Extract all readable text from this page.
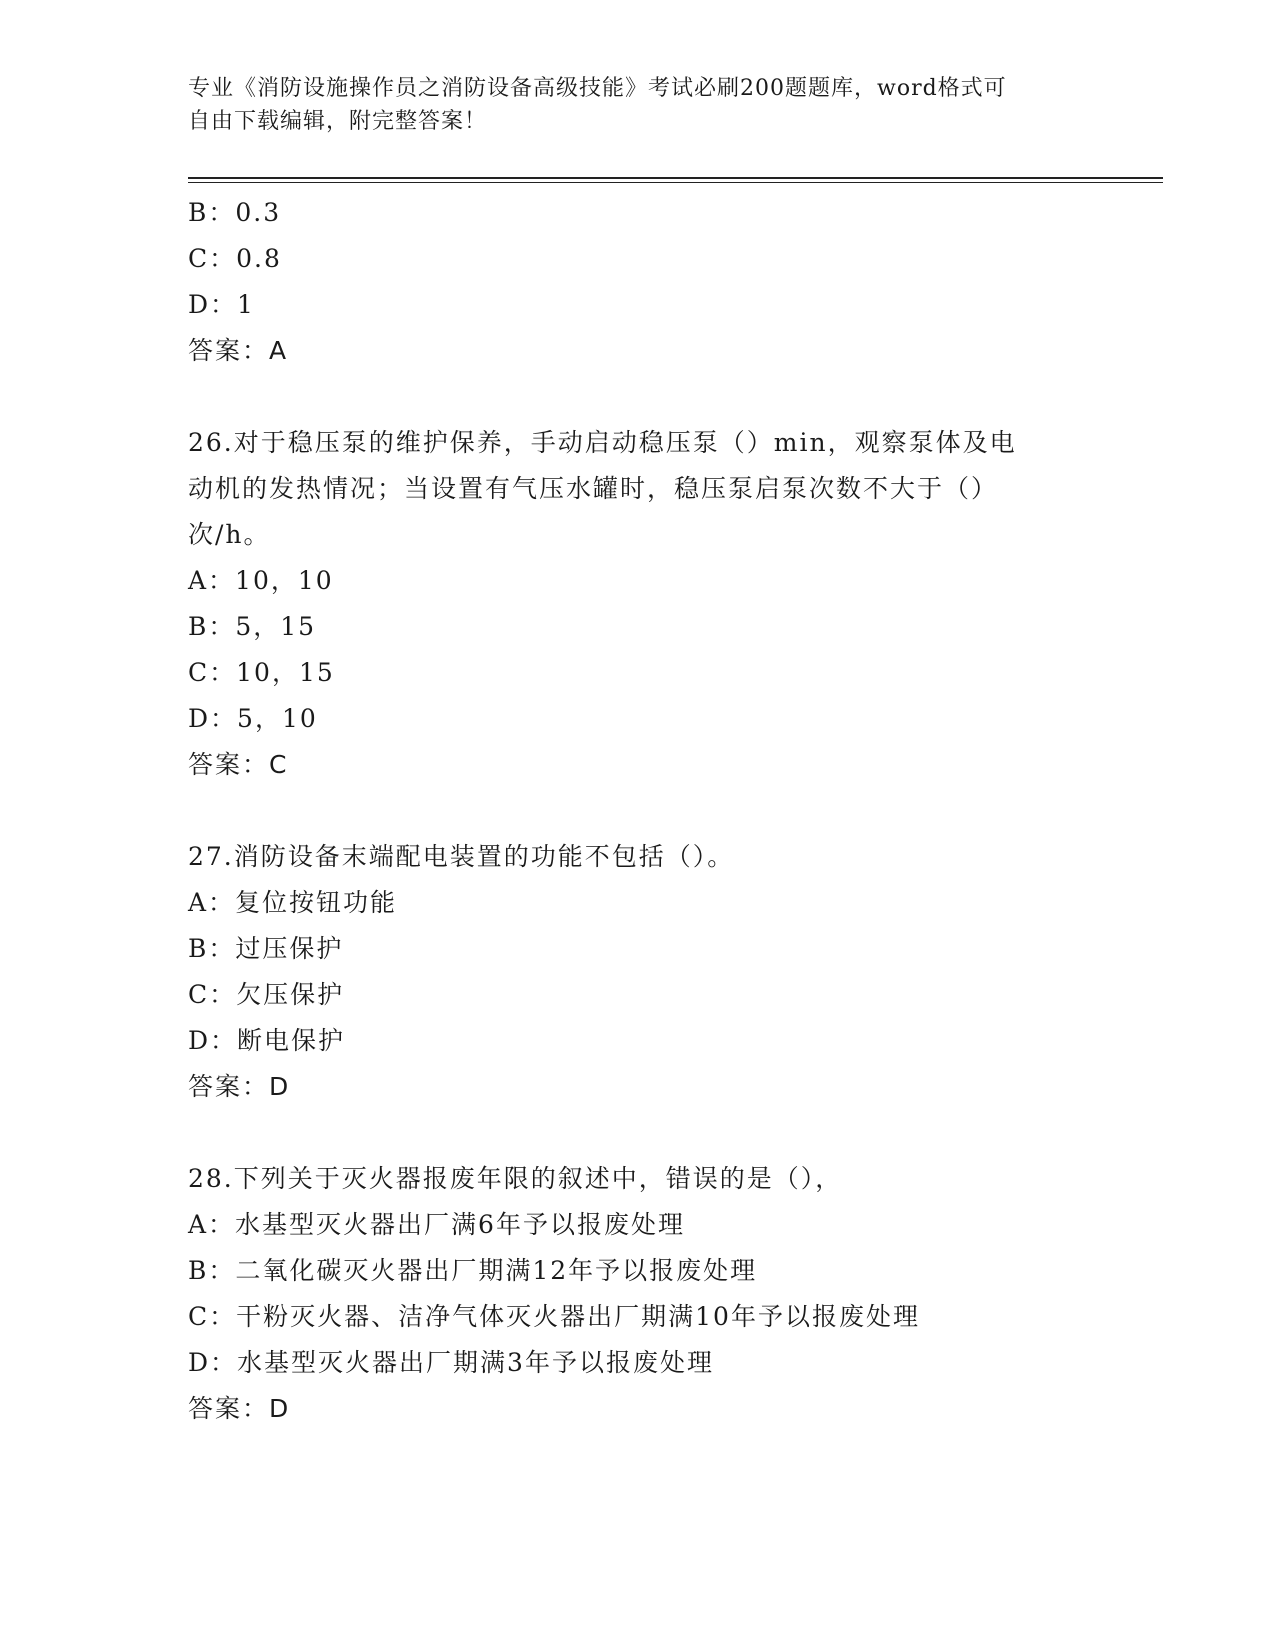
专业《消防设施操作员之消防设备高级技能》考试必刷200题题库，word格式可
自由下载编辑，附完整答案！
B：0.3
C：0.8
D：1
答案：A
26.对于稳压泵的维护保养，手动启动稳压泵（）min，观察泵体及电
动机的发热情况；当设置有气压水罐时，稳压泵启泵次数不大于（）
次/h。
A：10，10
B：5，15
C：10，15
D：5，10
答案：C
27.消防设备末端配电装置的功能不包括（）。
A：复位按钮功能
B：过压保护
C：欠压保护
D：断电保护
答案：D
28.下列关于灭火器报废年限的叙述中，错误的是（），
A：水基型灭火器出厂满6年予以报废处理
B：二氧化碳灭火器出厂期满12年予以报废处理
C：干粉灭火器、洁净气体灭火器出厂期满10年予以报废处理
D：水基型灭火器出厂期满3年予以报废处理
答案：D
